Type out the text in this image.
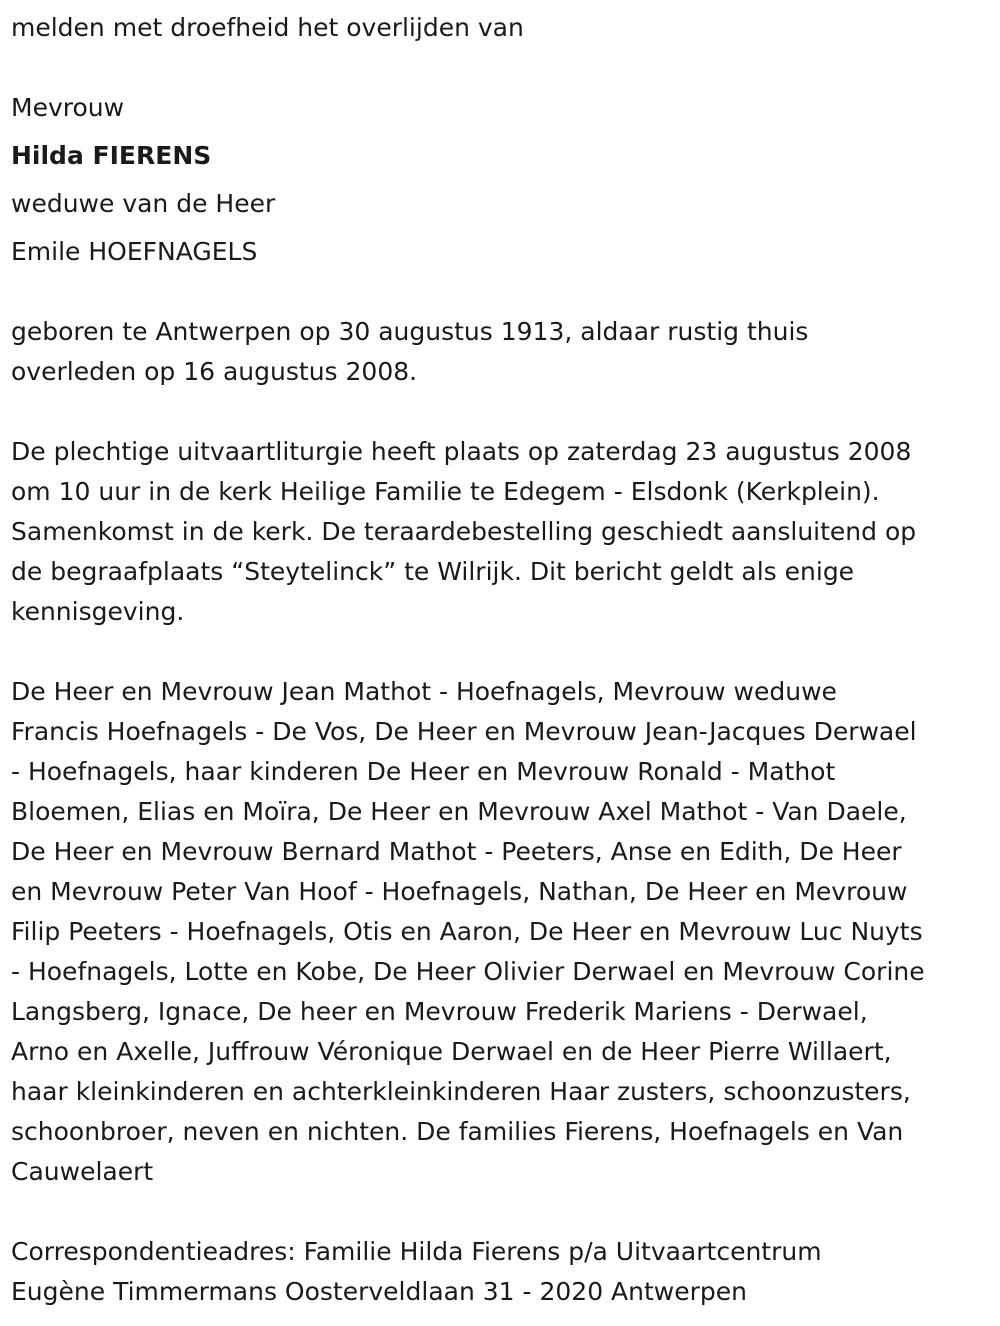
melden met droefheid het overlijden van
Mevrouw
Hilda FIERENS
weduwe van de Heer
Emile HOEFNAGELS
geboren te Antwerpen op 30 augustus 1913, aldaar rustig thuis
overleden op 16 augustus 2008.
De plechtige uitvaartliturgie heeft plaats op zaterdag 23 augustus 2008
om 10 uur in de kerk Heilige Familie te Edegem - Elsdonk (Kerkplein).
Samenkomst in de kerk. De teraardebestelling geschiedt aansluitend op
de begraafplaats “Steytelinck” te Wilrijk. Dit bericht geldt als enige
kennisgeving.
De Heer en Mevrouw Jean Mathot - Hoefnagels, Mevrouw weduwe
Francis Hoefnagels - De Vos, De Heer en Mevrouw Jean-Jacques Derwael
- Hoefnagels, haar kinderen De Heer en Mevrouw Ronald - Mathot
Bloemen, Elias en Moïra, De Heer en Mevrouw Axel Mathot - Van Daele,
De Heer en Mevrouw Bernard Mathot - Peeters, Anse en Edith, De Heer
en Mevrouw Peter Van Hoof - Hoefnagels, Nathan, De Heer en Mevrouw
Filip Peeters - Hoefnagels, Otis en Aaron, De Heer en Mevrouw Luc Nuyts
- Hoefnagels, Lotte en Kobe, De Heer Olivier Derwael en Mevrouw Corine
Langsberg, Ignace, De heer en Mevrouw Frederik Mariens - Derwael,
Arno en Axelle, Juffrouw Véronique Derwael en de Heer Pierre Willaert,
haar kleinkinderen en achterkleinkinderen Haar zusters, schoonzusters,
schoonbroer, neven en nichten. De families Fierens, Hoefnagels en Van
Cauwelaert
Correspondentieadres: Familie Hilda Fierens p/a Uitvaartcentrum
Eugène Timmermans Oosterveldlaan 31 - 2020 Antwerpen
